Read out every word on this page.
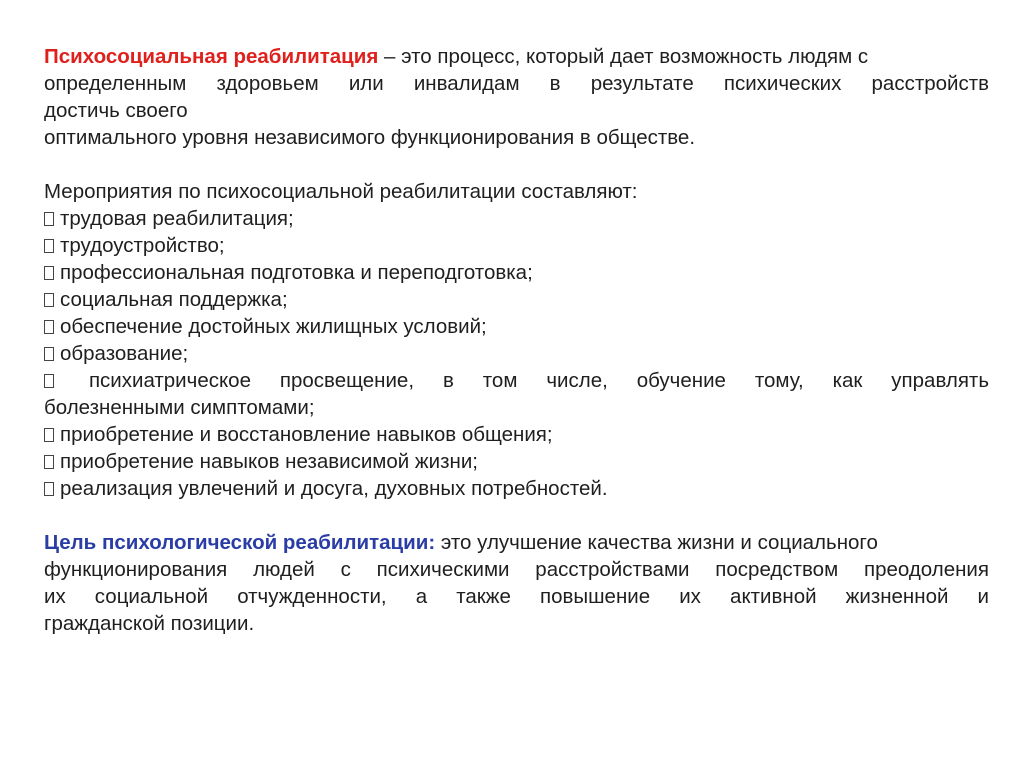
Психосоциальная реабилитация – это процесс, который дает возможность людям с
определенным здоровьем или инвалидам в результате психических расстройств
достичь своего
оптимального уровня независимого функционирования в обществе.
Мероприятия по психосоциальной реабилитации составляют:
трудовая реабилитация;
трудоустройство;
профессиональная подготовка и переподготовка;
социальная поддержка;
обеспечение достойных жилищных условий;
образование;
психиатрическое просвещение, в том числе, обучение тому, как управлять
болезненными симптомами;
приобретение и восстановление навыков общения;
приобретение навыков независимой жизни;
реализация увлечений и досуга, духовных потребностей.
Цель психологической реабилитации: это улучшение качества жизни и социального
функционирования людей с психическими расстройствами посредством преодоления
их социальной отчужденности, а также повышение их активной жизненной и
гражданской позиции.
